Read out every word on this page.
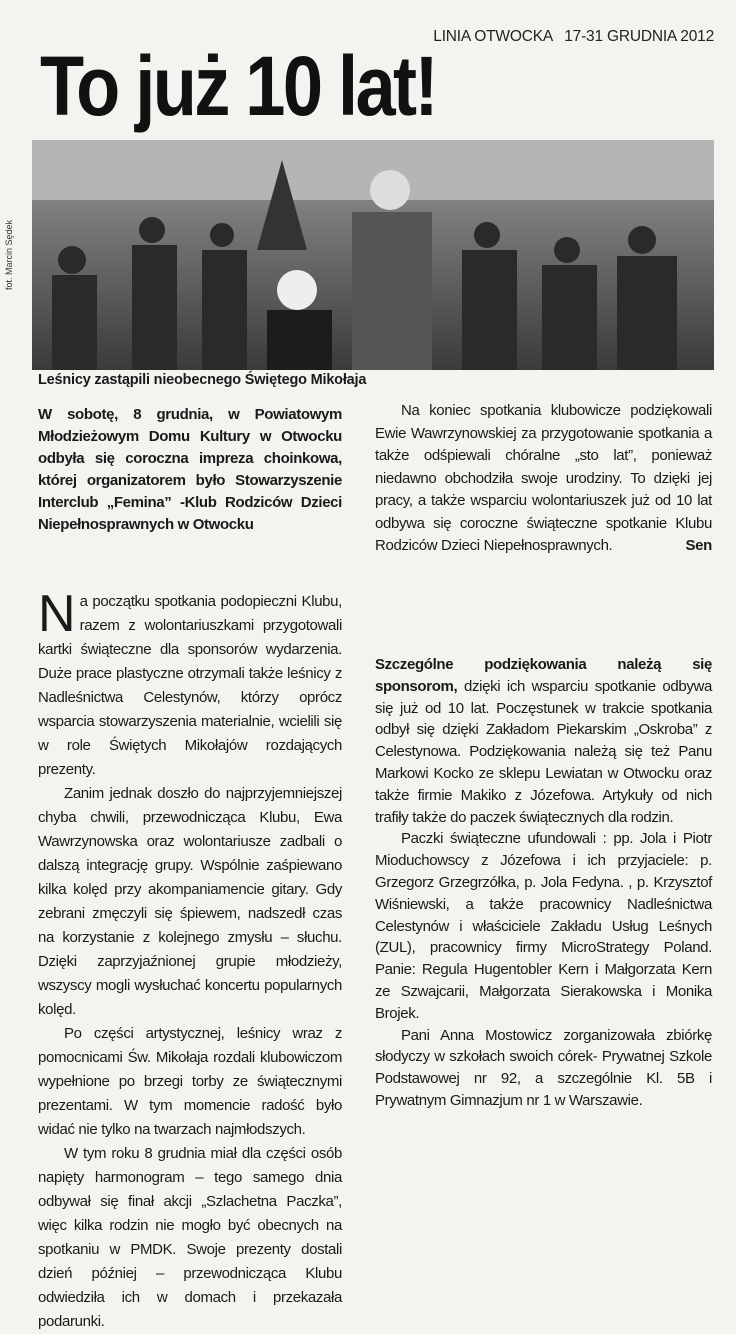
LINIA OTWOCKA 17-31 GRUDNIA 2012
To już 10 lat!
fot. Marcin Sędek
Leśnicy zastąpili nieobecnego Świętego Mikołaja
W sobotę, 8 grudnia, w Powiatowym Młodzieżowym Domu Kultury w Otwocku odbyła się coroczna impreza choinkowa, której organizatorem było Stowarzyszenie Interclub „Femina” -Klub Rodziców Dzieci Niepełnosprawnych w Otwocku

Na początku spotkania podopieczni Klubu, razem z wolontariuszkami przygotowali kartki świąteczne dla sponsorów wydarzenia. Duże prace plastyczne otrzymali także leśnicy z Nadleśnictwa Celestynów, którzy oprócz wsparcia stowarzyszenia materialnie, wcielili się w role Świętych Mikołajów rozdających prezenty.

Zanim jednak doszło do najprzyjemniejszej chyba chwili, przewodnicząca Klubu, Ewa Wawrzynowska oraz wolontariusze zadbali o dalszą integrację grupy. Wspólnie zaśpiewano kilka kolęd przy akompaniamencie gitary. Gdy zebrani zmęczyli się śpiewem, nadszedł czas na korzystanie z kolejnego zmysłu – słuchu. Dzięki zaprzyjaźnionej grupie młodzieży, wszyscy mogli wysłuchać koncertu popularnych kolęd.

Po części artystycznej, leśnicy wraz z pomocnicami Św. Mikołaja rozdali klubowiczom wypełnione po brzegi torby ze świątecznymi prezentami. W tym momencie radość było widać nie tylko na twarzach najmłodszych.

W tym roku 8 grudnia miał dla części osób napięty harmonogram – tego samego dnia odbywał się finał akcji „Szlachetna Paczka”, więc kilka rodzin nie mogło być obecnych na spotkaniu w PMDK. Swoje prezenty dostali dzień później – przewodnicząca Klubu odwiedziła ich w domach i przekazała podarunki.

Na koniec spotkania klubowicze podziękowali Ewie Wawrzynowskiej za przygotowanie spotkania a także odśpiewali chóralne „sto lat”, ponieważ niedawno obchodziła swoje urodziny. To dzięki jej pracy, a także wsparciu wolontariuszek już od 10 lat odbywa się coroczne świąteczne spotkanie Klubu Rodziców Dzieci Niepełnosprawnych.	Sen

Szczególne podziękowania należą się sponsorom, dzięki ich wsparciu spotkanie odbywa się już od 10 lat. Poczęstunek w trakcie spotkania odbył się dzięki Zakładom Piekarskim „Oskroba” z Celestynowa. Podziękowania należą się też Panu Markowi Kocko ze sklepu Lewiatan w Otwocku oraz także firmie Makiko z Józefowa. Artykuły od nich trafiły także do paczek świątecznych dla rodzin.

Paczki świąteczne ufundowali : pp. Jola i Piotr Mioduchowscy z Józefowa i ich przyjaciele: p. Grzegorz Grzegrzółka, p. Jola Fedyna. , p. Krzysztof Wiśniewski, a także pracownicy Nadleśnictwa Celestynów i właściciele Zakładu Usług Leśnych (ZUL), pracownicy firmy MicroStrategy Poland. Panie: Regula Hugentobler Kern i Małgorzata Kern ze Szwajcarii, Małgorzata Sierakowska i Monika Brojek.

Pani Anna Mostowicz zorganizowała zbiórkę słodyczy w szkołach swoich córek- Prywatnej Szkole Podstawowej nr 92, a szczególnie Kl. 5B i Prywatnym Gimnazjum nr 1 w Warszawie.
